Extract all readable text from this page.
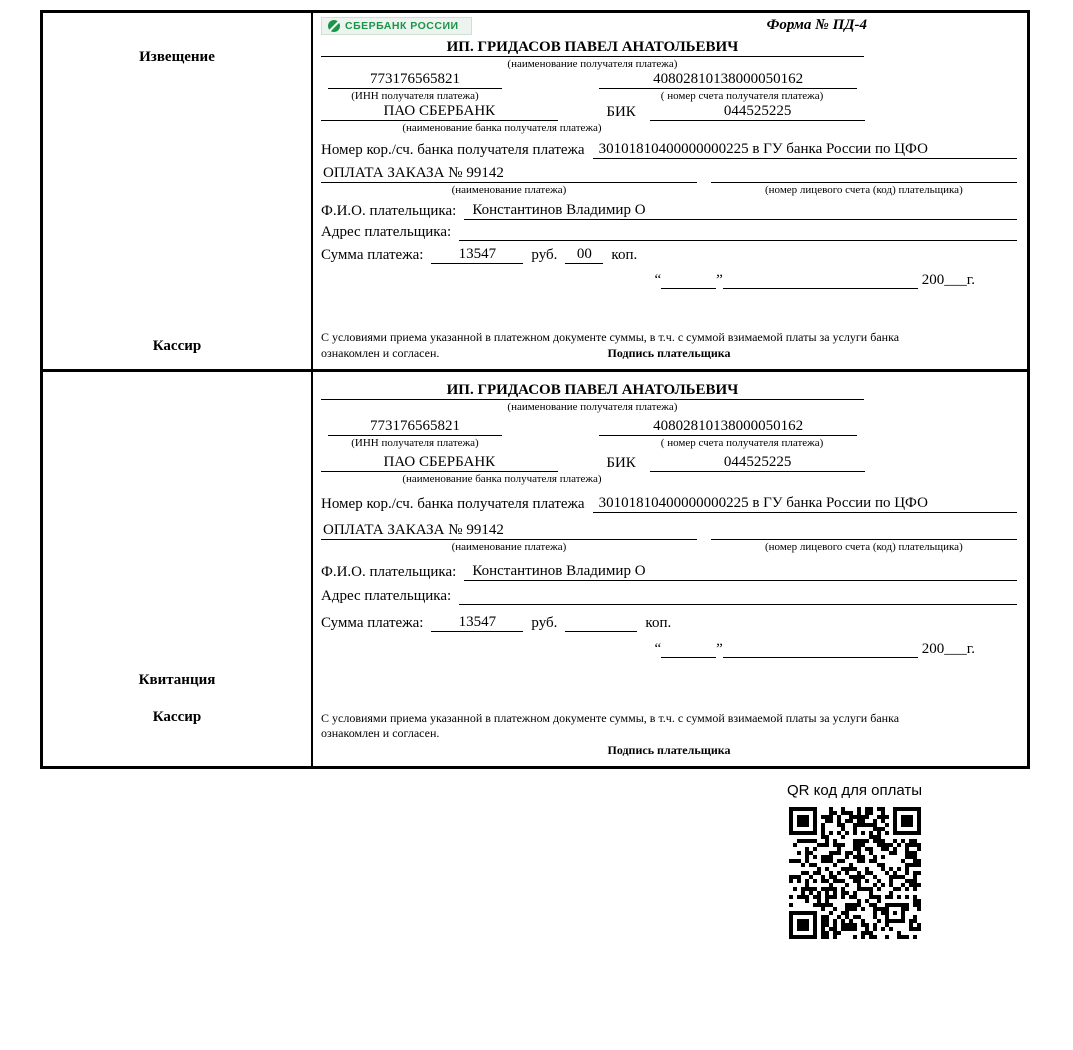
Извещение
Кассир
СБЕРБАНК РОССИИ	Форма № ПД-4
ИП. ГРИДАСОВ ПАВЕЛ АНАТОЛЬЕВИЧ
(наименование получателя платежа)
773176565821	40802810138000050162
(ИНН получателя платежа)	( номер счета получателя платежа)
ПАО СБЕРБАНК	БИК	044525225
(наименование банка получателя платежа)
Номер кор./сч. банка получателя платежа 30101810400000000225 в ГУ банка России по ЦФО
ОПЛАТА ЗАКАЗА № 99142
(наименование платежа)	(номер лицевого счета (код) плательщика)
Ф.И.О. плательщика:	Константинов Владимир О
Адрес плательщика:
Сумма платежа:	13547	руб.	00	коп.
“	”	200___г.
С условиями приема указанной в платежном документе суммы, в т.ч. с суммой взимаемой платы за услуги банка
ознакомлен и согласен.	Подпись плательщика
Квитанция
Кассир
ИП. ГРИДАСОВ ПАВЕЛ АНАТОЛЬЕВИЧ
(наименование получателя платежа)
773176565821	40802810138000050162
(ИНН получателя платежа)	( номер счета получателя платежа)
ПАО СБЕРБАНК	БИК	044525225
(наименование банка получателя платежа)
Номер кор./сч. банка получателя платежа 30101810400000000225 в ГУ банка России по ЦФО
ОПЛАТА ЗАКАЗА № 99142
(наименование платежа)	(номер лицевого счета (код) плательщика)
Ф.И.О. плательщика:	Константинов Владимир О
Адрес плательщика:
Сумма платежа:	13547	руб.	коп.
“	”	200___г.
С условиями приема указанной в платежном документе суммы, в т.ч. с суммой взимаемой платы за услуги банка
ознакомлен и согласен.
Подпись плательщика
QR код для оплаты
